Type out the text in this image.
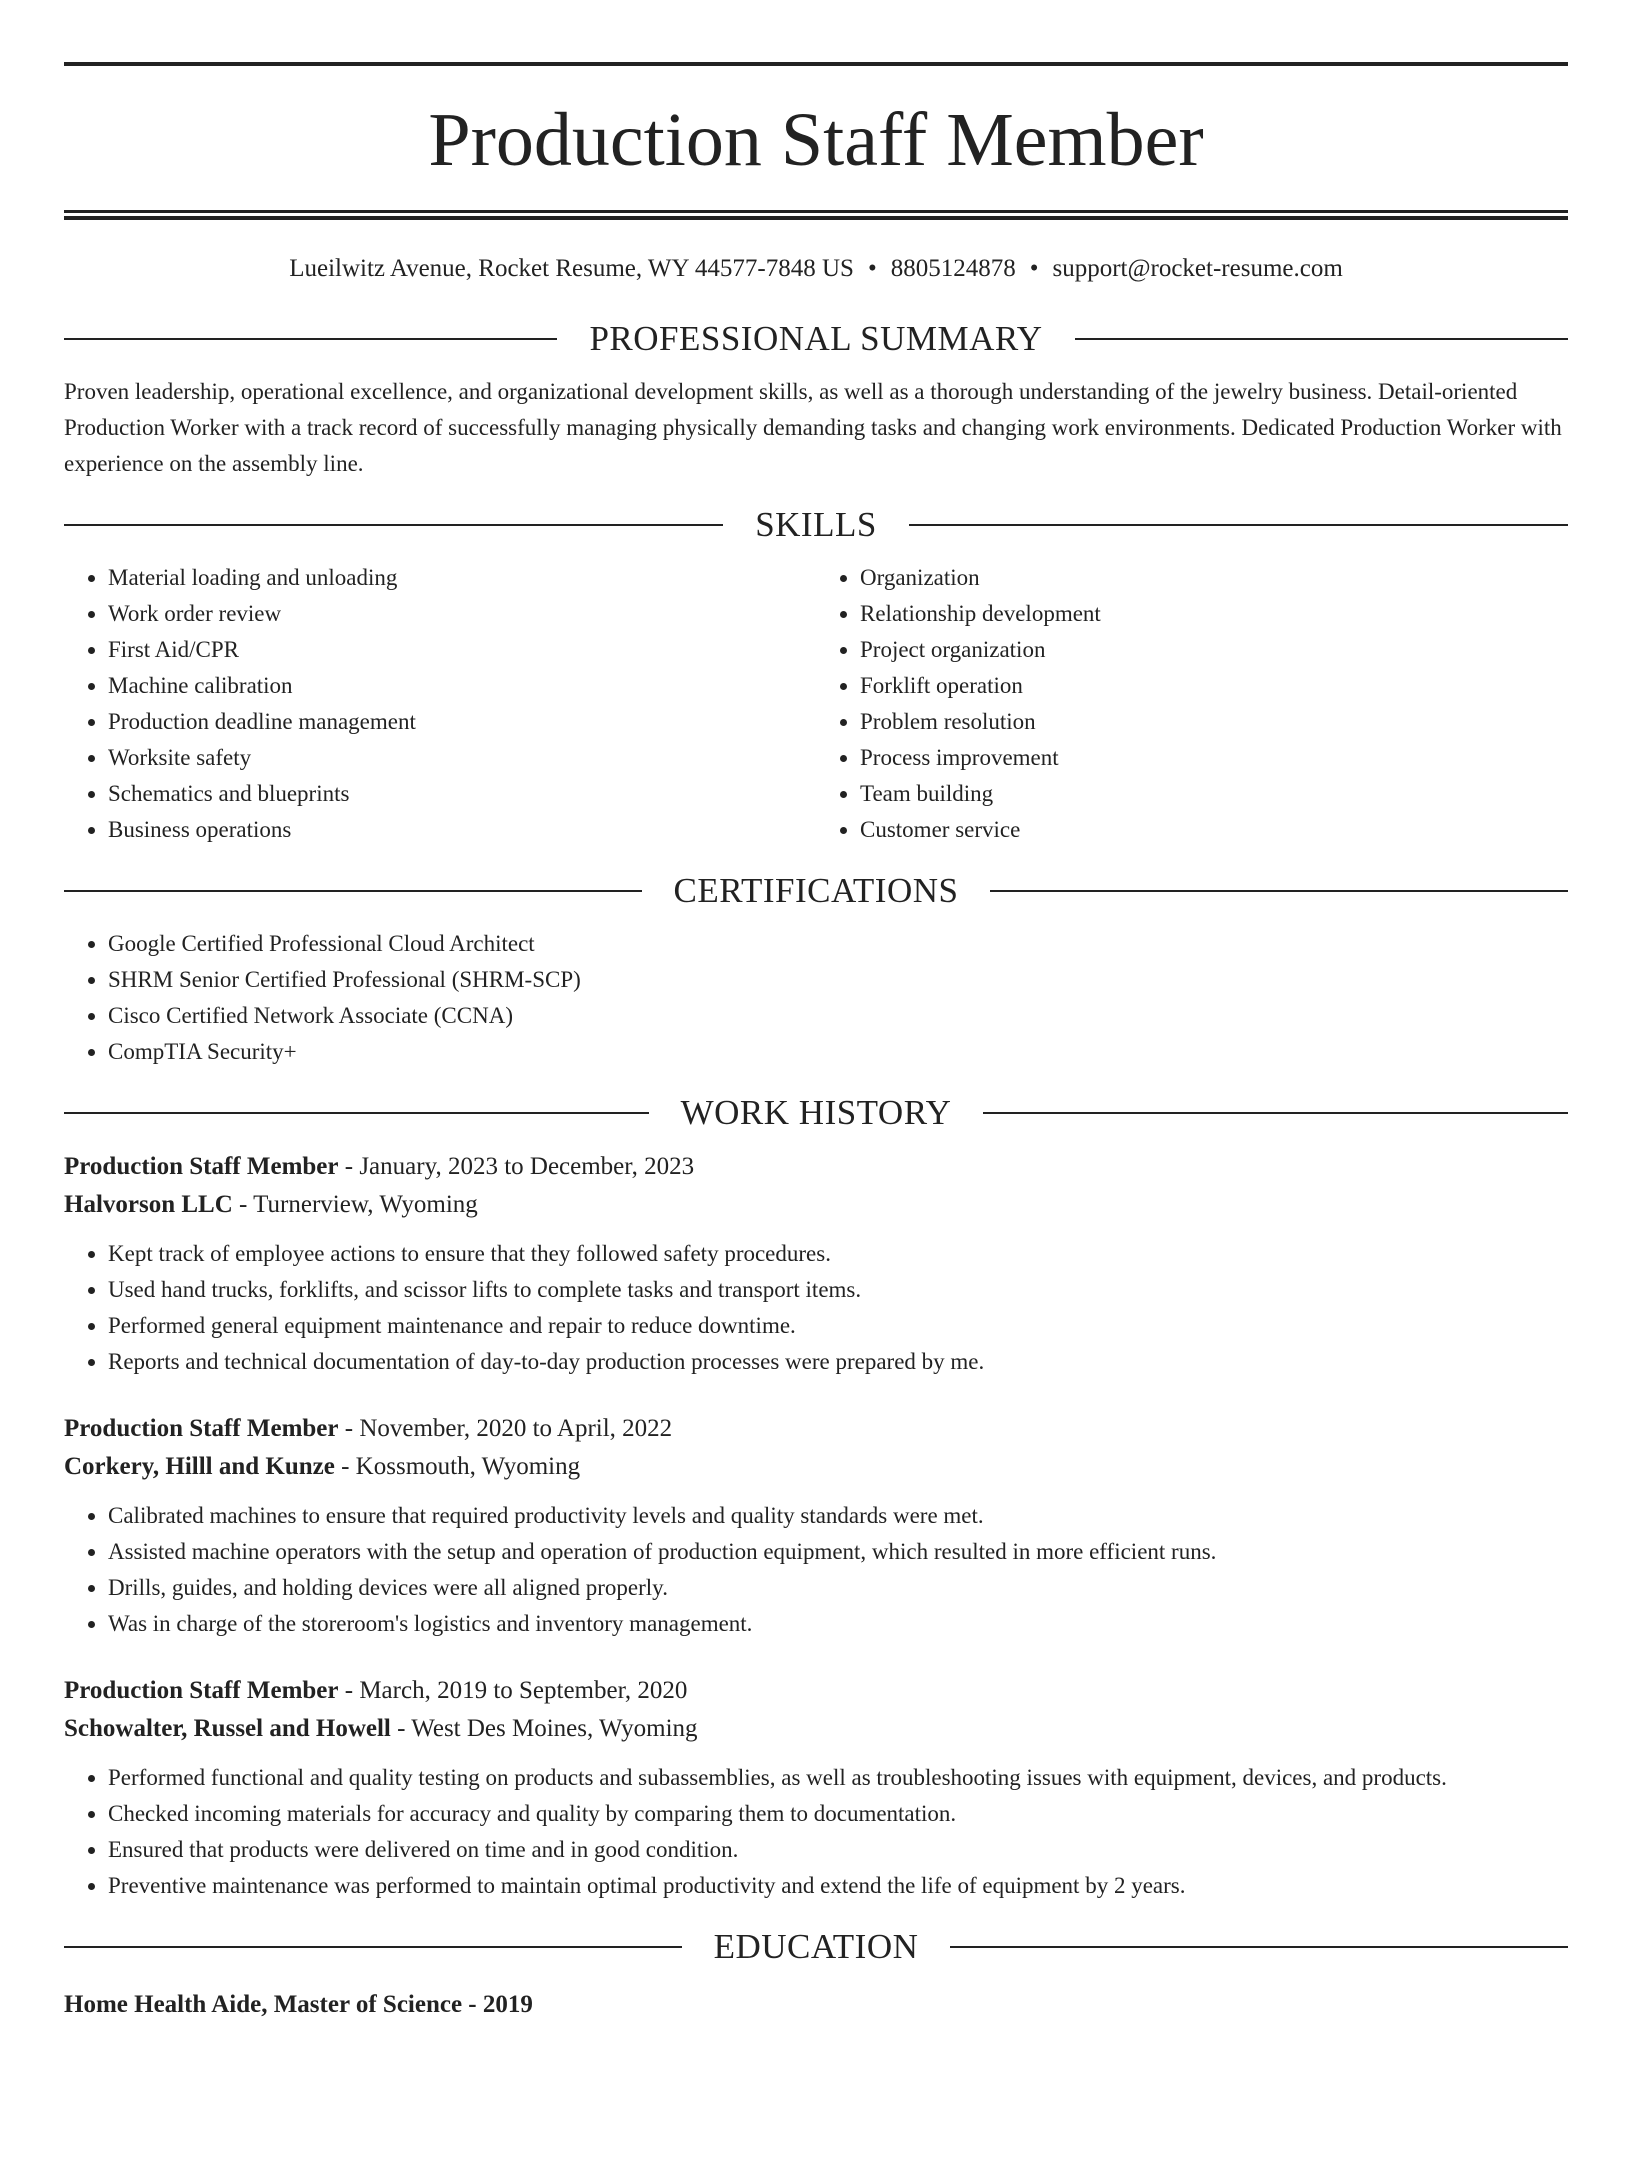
Production Staff Member
Lueilwitz Avenue, Rocket Resume, WY 44577-7848 US • 8805124878 • support@rocket-resume.com
PROFESSIONAL SUMMARY
Proven leadership, operational excellence, and organizational development skills, as well as a thorough understanding of the jewelry business. Detail-oriented Production Worker with a track record of successfully managing physically demanding tasks and changing work environments. Dedicated Production Worker with experience on the assembly line.
SKILLS
• Material loading and unloading
• Work order review
• First Aid/CPR
• Machine calibration
• Production deadline management
• Worksite safety
• Schematics and blueprints
• Business operations
• Organization
• Relationship development
• Project organization
• Forklift operation
• Problem resolution
• Process improvement
• Team building
• Customer service
CERTIFICATIONS
• Google Certified Professional Cloud Architect
• SHRM Senior Certified Professional (SHRM-SCP)
• Cisco Certified Network Associate (CCNA)
• CompTIA Security+
WORK HISTORY
Production Staff Member - January, 2023 to December, 2023
Halvorson LLC - Turnerview, Wyoming
• Kept track of employee actions to ensure that they followed safety procedures.
• Used hand trucks, forklifts, and scissor lifts to complete tasks and transport items.
• Performed general equipment maintenance and repair to reduce downtime.
• Reports and technical documentation of day-to-day production processes were prepared by me.
Production Staff Member - November, 2020 to April, 2022
Corkery, Hilll and Kunze - Kossmouth, Wyoming
• Calibrated machines to ensure that required productivity levels and quality standards were met.
• Assisted machine operators with the setup and operation of production equipment, which resulted in more efficient runs.
• Drills, guides, and holding devices were all aligned properly.
• Was in charge of the storeroom's logistics and inventory management.
Production Staff Member - March, 2019 to September, 2020
Schowalter, Russel and Howell - West Des Moines, Wyoming
• Performed functional and quality testing on products and subassemblies, as well as troubleshooting issues with equipment, devices, and products.
• Checked incoming materials for accuracy and quality by comparing them to documentation.
• Ensured that products were delivered on time and in good condition.
• Preventive maintenance was performed to maintain optimal productivity and extend the life of equipment by 2 years.
EDUCATION
Home Health Aide, Master of Science - 2019
